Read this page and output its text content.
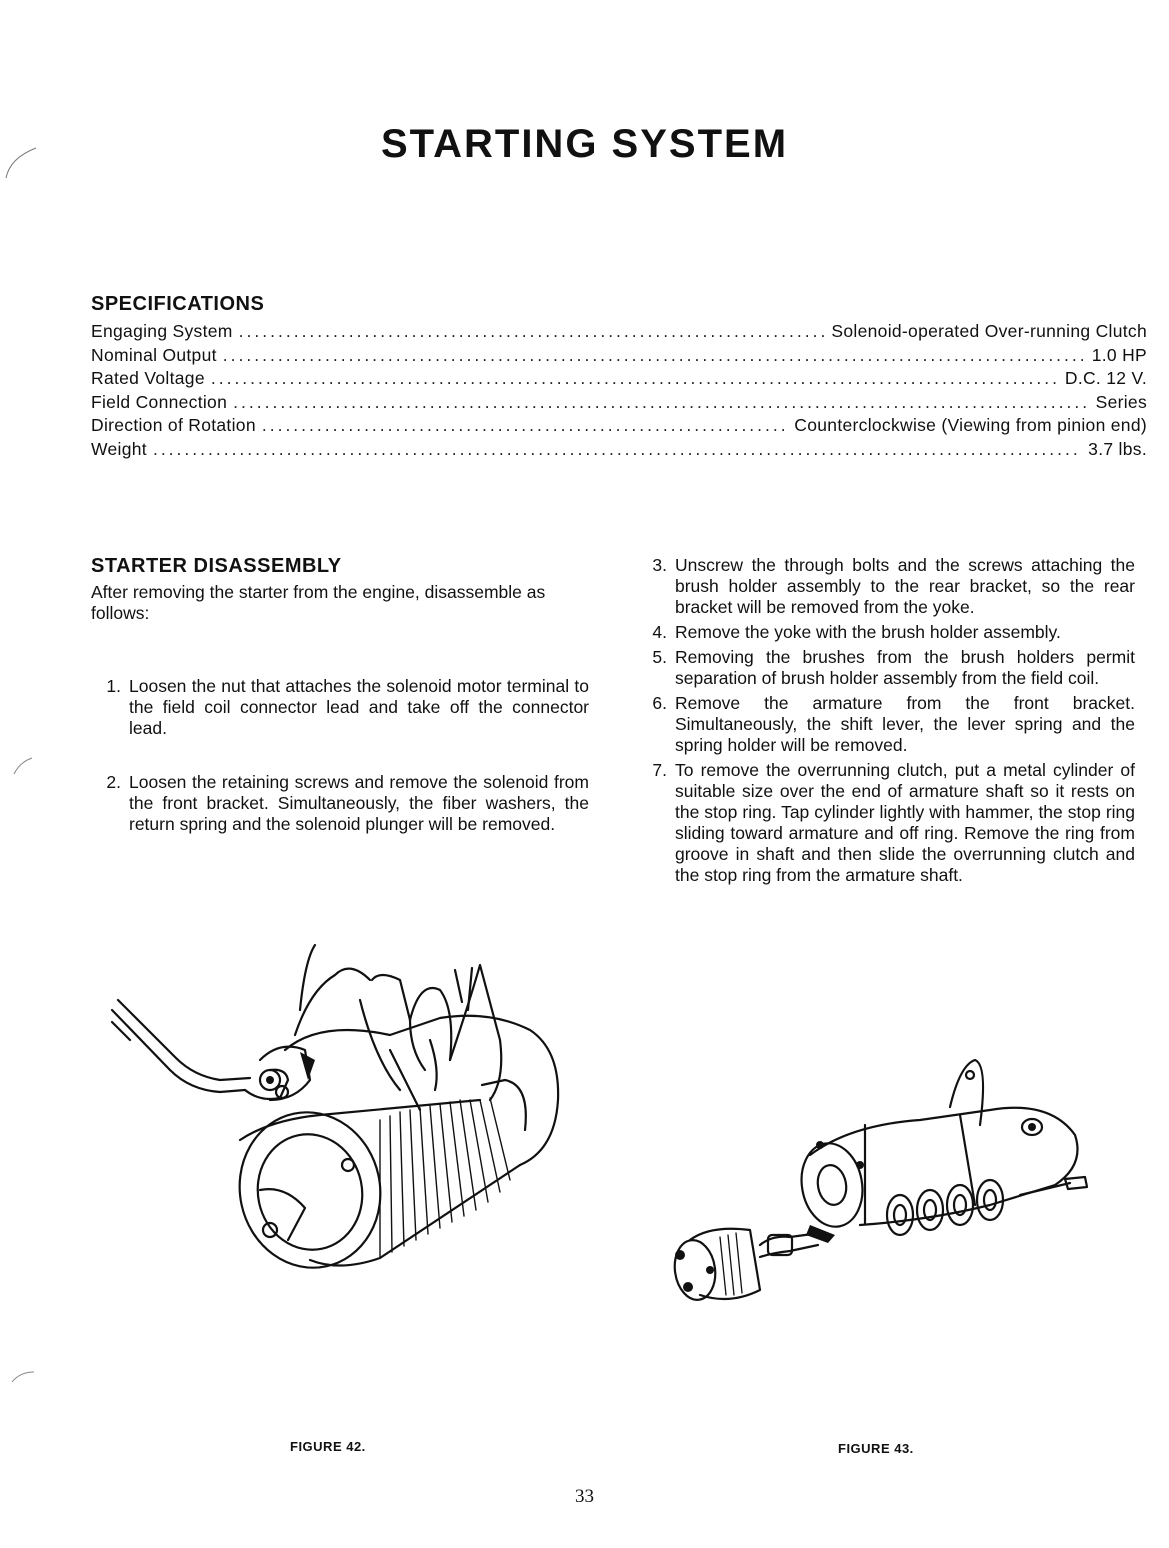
STARTING SYSTEM
SPECIFICATIONS
Engaging System .....	Solenoid-operated Over-running Clutch
Nominal Output .....	1.0 HP
Rated Voltage .....	D.C. 12 V.
Field Connection .....	Series
Direction of Rotation .....	Counterclockwise (Viewing from pinion end)
Weight .....	3.7 lbs.
STARTER DISASSEMBLY

After removing the starter from the engine, disassemble as follows:

1. Loosen the nut that attaches the solenoid motor terminal to the field coil connector lead and take off the connector lead.
2. Loosen the retaining screws and remove the solenoid from the front bracket. Simultaneously, the fiber washers, the return spring and the solenoid plunger will be removed.
3. Unscrew the through bolts and the screws attaching the brush holder assembly to the rear bracket, so the rear bracket will be removed from the yoke.
4. Remove the yoke with the brush holder assembly.
5. Removing the brushes from the brush holders permit separation of brush holder assembly from the field coil.
6. Remove the armature from the front bracket. Simultaneously, the shift lever, the lever spring and the spring holder will be removed.
7. To remove the overrunning clutch, put a metal cylinder of suitable size over the end of armature shaft so it rests on the stop ring. Tap cylinder lightly with hammer, the stop ring sliding toward armature and off ring. Remove the ring from groove in shaft and then slide the overrunning clutch and the stop ring from the armature shaft.
FIGURE 42.	FIGURE 43.
33
